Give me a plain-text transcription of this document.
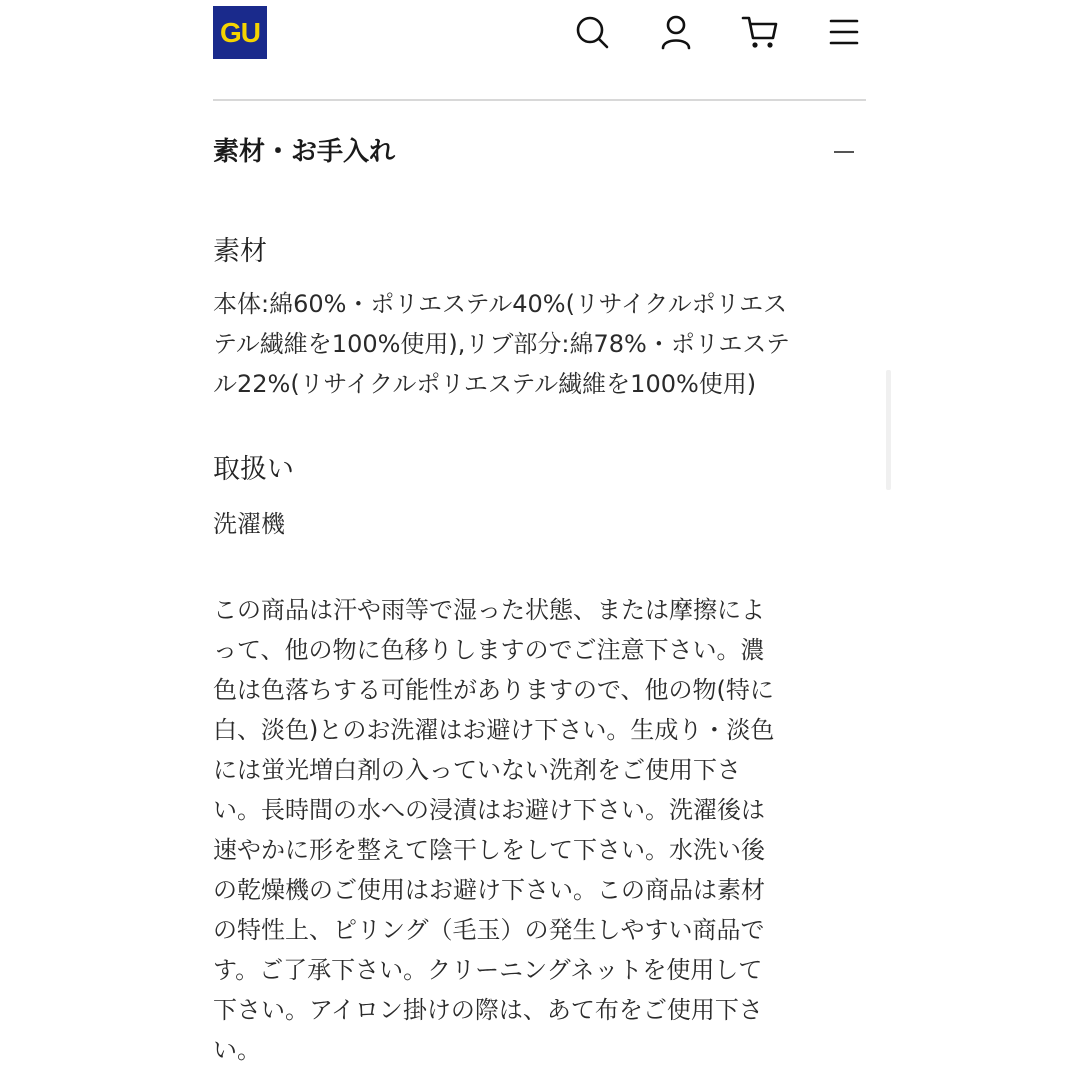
GU
素材・お手入れ
素材
本体:綿60%・ポリエステル40%(リサイクルポリエス
テル繊維を100%使用),リブ部分:綿78%・ポリエステ
ル22%(リサイクルポリエステル繊維を100%使用)
取扱い
洗濯機
この商品は汗や雨等で湿った状態、または摩擦によ
って、他の物に色移りしますのでご注意下さい。濃
色は色落ちする可能性がありますので、他の物(特に
白、淡色)とのお洗濯はお避け下さい。生成り・淡色
には蛍光増白剤の入っていない洗剤をご使用下さ
い。長時間の水への浸漬はお避け下さい。洗濯後は
速やかに形を整えて陰干しをして下さい。水洗い後
の乾燥機のご使用はお避け下さい。この商品は素材
の特性上、ピリング（毛玉）の発生しやすい商品で
す。ご了承下さい。クリーニングネットを使用して
下さい。アイロン掛けの際は、あて布をご使用下さ
い。
